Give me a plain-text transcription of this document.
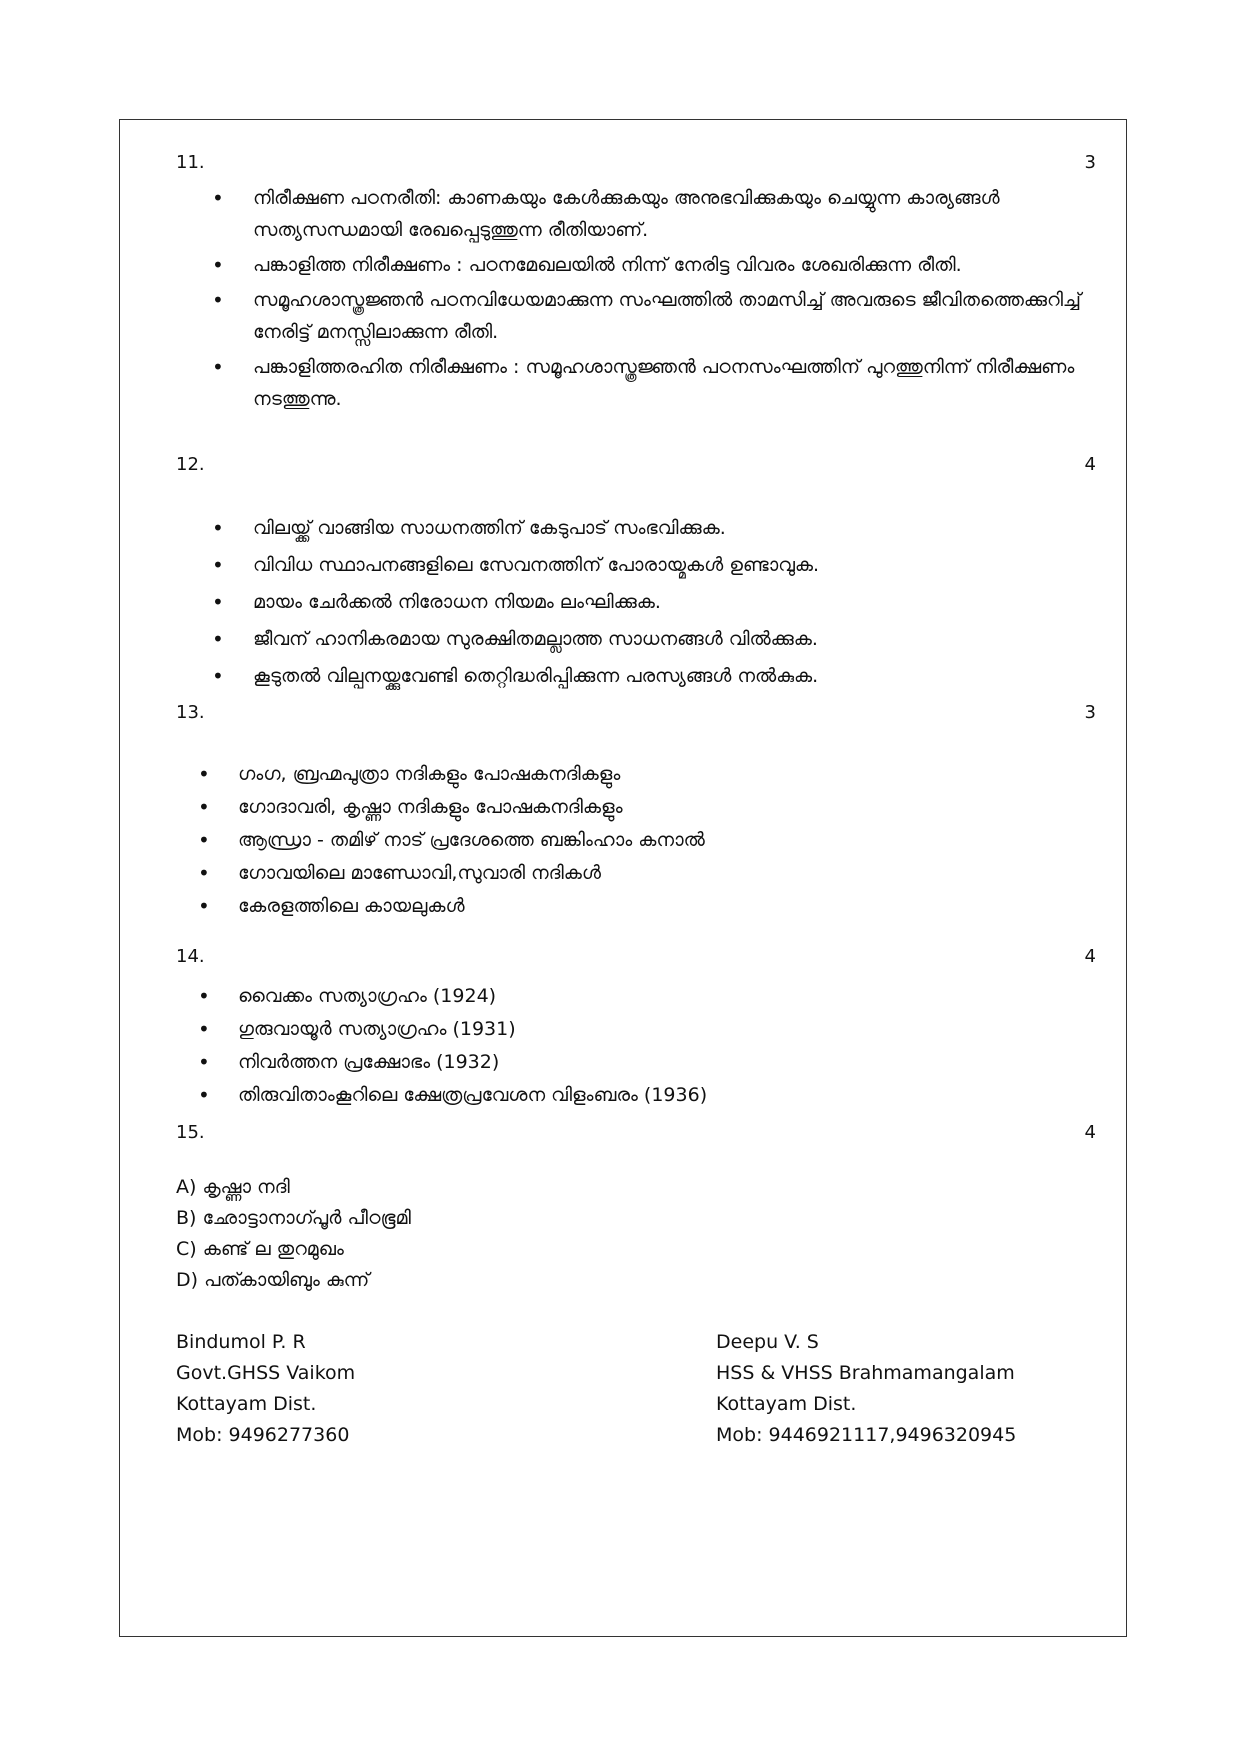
11.	3
• നിരീക്ഷണ പഠനരീതി: കാണകയും കേൾക്കുകയും അനുഭവിക്കുകയും ചെയ്യുന്ന കാര്യങ്ങൾ സത്യസന്ധമായി രേഖപ്പെടുത്തുന്ന രീതിയാണ്.
• പങ്കാളിത്ത നിരീക്ഷണം : പഠനമേഖലയിൽ നിന്ന് നേരിട്ട വിവരം ശേഖരിക്കുന്ന രീതി.
• സമൂഹശാസ്ത്രജ്ഞൻ പഠനവിധേയമാക്കുന്ന സംഘത്തിൽ താമസിച്ച് അവരുടെ ജീവിതത്തെക്കുറിച്ച് നേരിട്ട് മനസ്സിലാക്കുന്ന രീതി.
• പങ്കാളിത്തരഹിത നിരീക്ഷണം : സമൂഹശാസ്ത്രജ്ഞൻ പഠനസംഘത്തിന് പുറത്തുനിന്ന് നിരീക്ഷണം നടത്തുന്നു.
12.	4
• വിലയ്ക്ക് വാങ്ങിയ സാധനത്തിന് കേടുപാട് സംഭവിക്കുക.
• വിവിധ സ്ഥാപനങ്ങളിലെ സേവനത്തിന് പോരായ്മകൾ ഉണ്ടാവുക.
• മായം ചേർക്കൽ നിരോധന നിയമം ലംഘിക്കുക.
• ജീവന് ഹാനികരമായ സുരക്ഷിതമല്ലാത്ത സാധനങ്ങൾ വിൽക്കുക.
• കൂടുതൽ വില്പനയ്ക്കുവേണ്ടി തെറ്റിദ്ധരിപ്പിക്കുന്ന പരസ്യങ്ങൾ നൽകുക.
13.	3
• ഗംഗ, ബ്രഹ്മപുത്രാ നദികളും പോഷകനദികളും
• ഗോദാവരി, കൃഷ്ണാ നദികളും പോഷകനദികളും
• ആന്ധ്രാ - തമിഴ് നാട് പ്രദേശത്തെ ബങ്കിംഹാം കനാൽ
• ഗോവയിലെ മാണ്ഡോവി,സുവാരി നദികൾ
• കേരളത്തിലെ കായലുകൾ
14.	4
• വൈക്കം സത്യാഗ്രഹം (1924)
• ഗുരുവായൂർ സത്യാഗ്രഹം (1931)
• നിവർത്തന പ്രക്ഷോഭം (1932)
• തിരുവിതാംകൂറിലെ ക്ഷേത്രപ്രവേശന വിളംബരം (1936)
15.	4
A) കൃഷ്ണാ നദി
B) ഛോട്ടാനാഗ്പൂർ പീഠഭൂമി
C) കണ്ട് ല തുറമുഖം
D) പത്കായിബും കുന്ന്
Bindumol P. R
Govt.GHSS Vaikom
Kottayam Dist.
Mob: 9496277360
Deepu V. S
HSS & VHSS Brahmamangalam
Kottayam Dist.
Mob: 9446921117,9496320945
